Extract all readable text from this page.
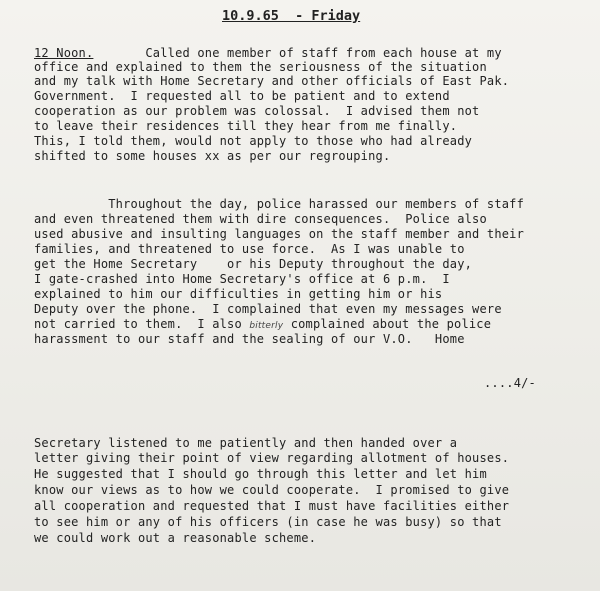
10.9.65  - Friday
12 Noon.       Called one member of staff from each house at my
office and explained to them the seriousness of the situation
and my talk with Home Secretary and other officials of East Pak.
Government.  I requested all to be patient and to extend
cooperation as our problem was colossal.  I advised them not
to leave their residences till they hear from me finally.
This, I told them, would not apply to those who had already
shifted to some houses xx as per our regrouping.
Throughout the day, police harassed our members of staff
and even threatened them with dire consequences.  Police also
used abusive and insulting languages on the staff member and their
families, and threatened to use force.  As I was unable to
get the Home Secretary    or his Deputy throughout the day,
I gate-crashed into Home Secretary's office at 6 p.m.  I
explained to him our difficulties in getting him or his
Deputy over the phone.  I complained that even my messages were
not carried to them.  I also bitterly complained about the police
harassment to our staff and the sealing of our V.O.   Home
....4/-
Secretary listened to me patiently and then handed over a
letter giving their point of view regarding allotment of houses.
He suggested that I should go through this letter and let him
know our views as to how we could cooperate.  I promised to give
all cooperation and requested that I must have facilities either
to see him or any of his officers (in case he was busy) so that
we could work out a reasonable scheme.
